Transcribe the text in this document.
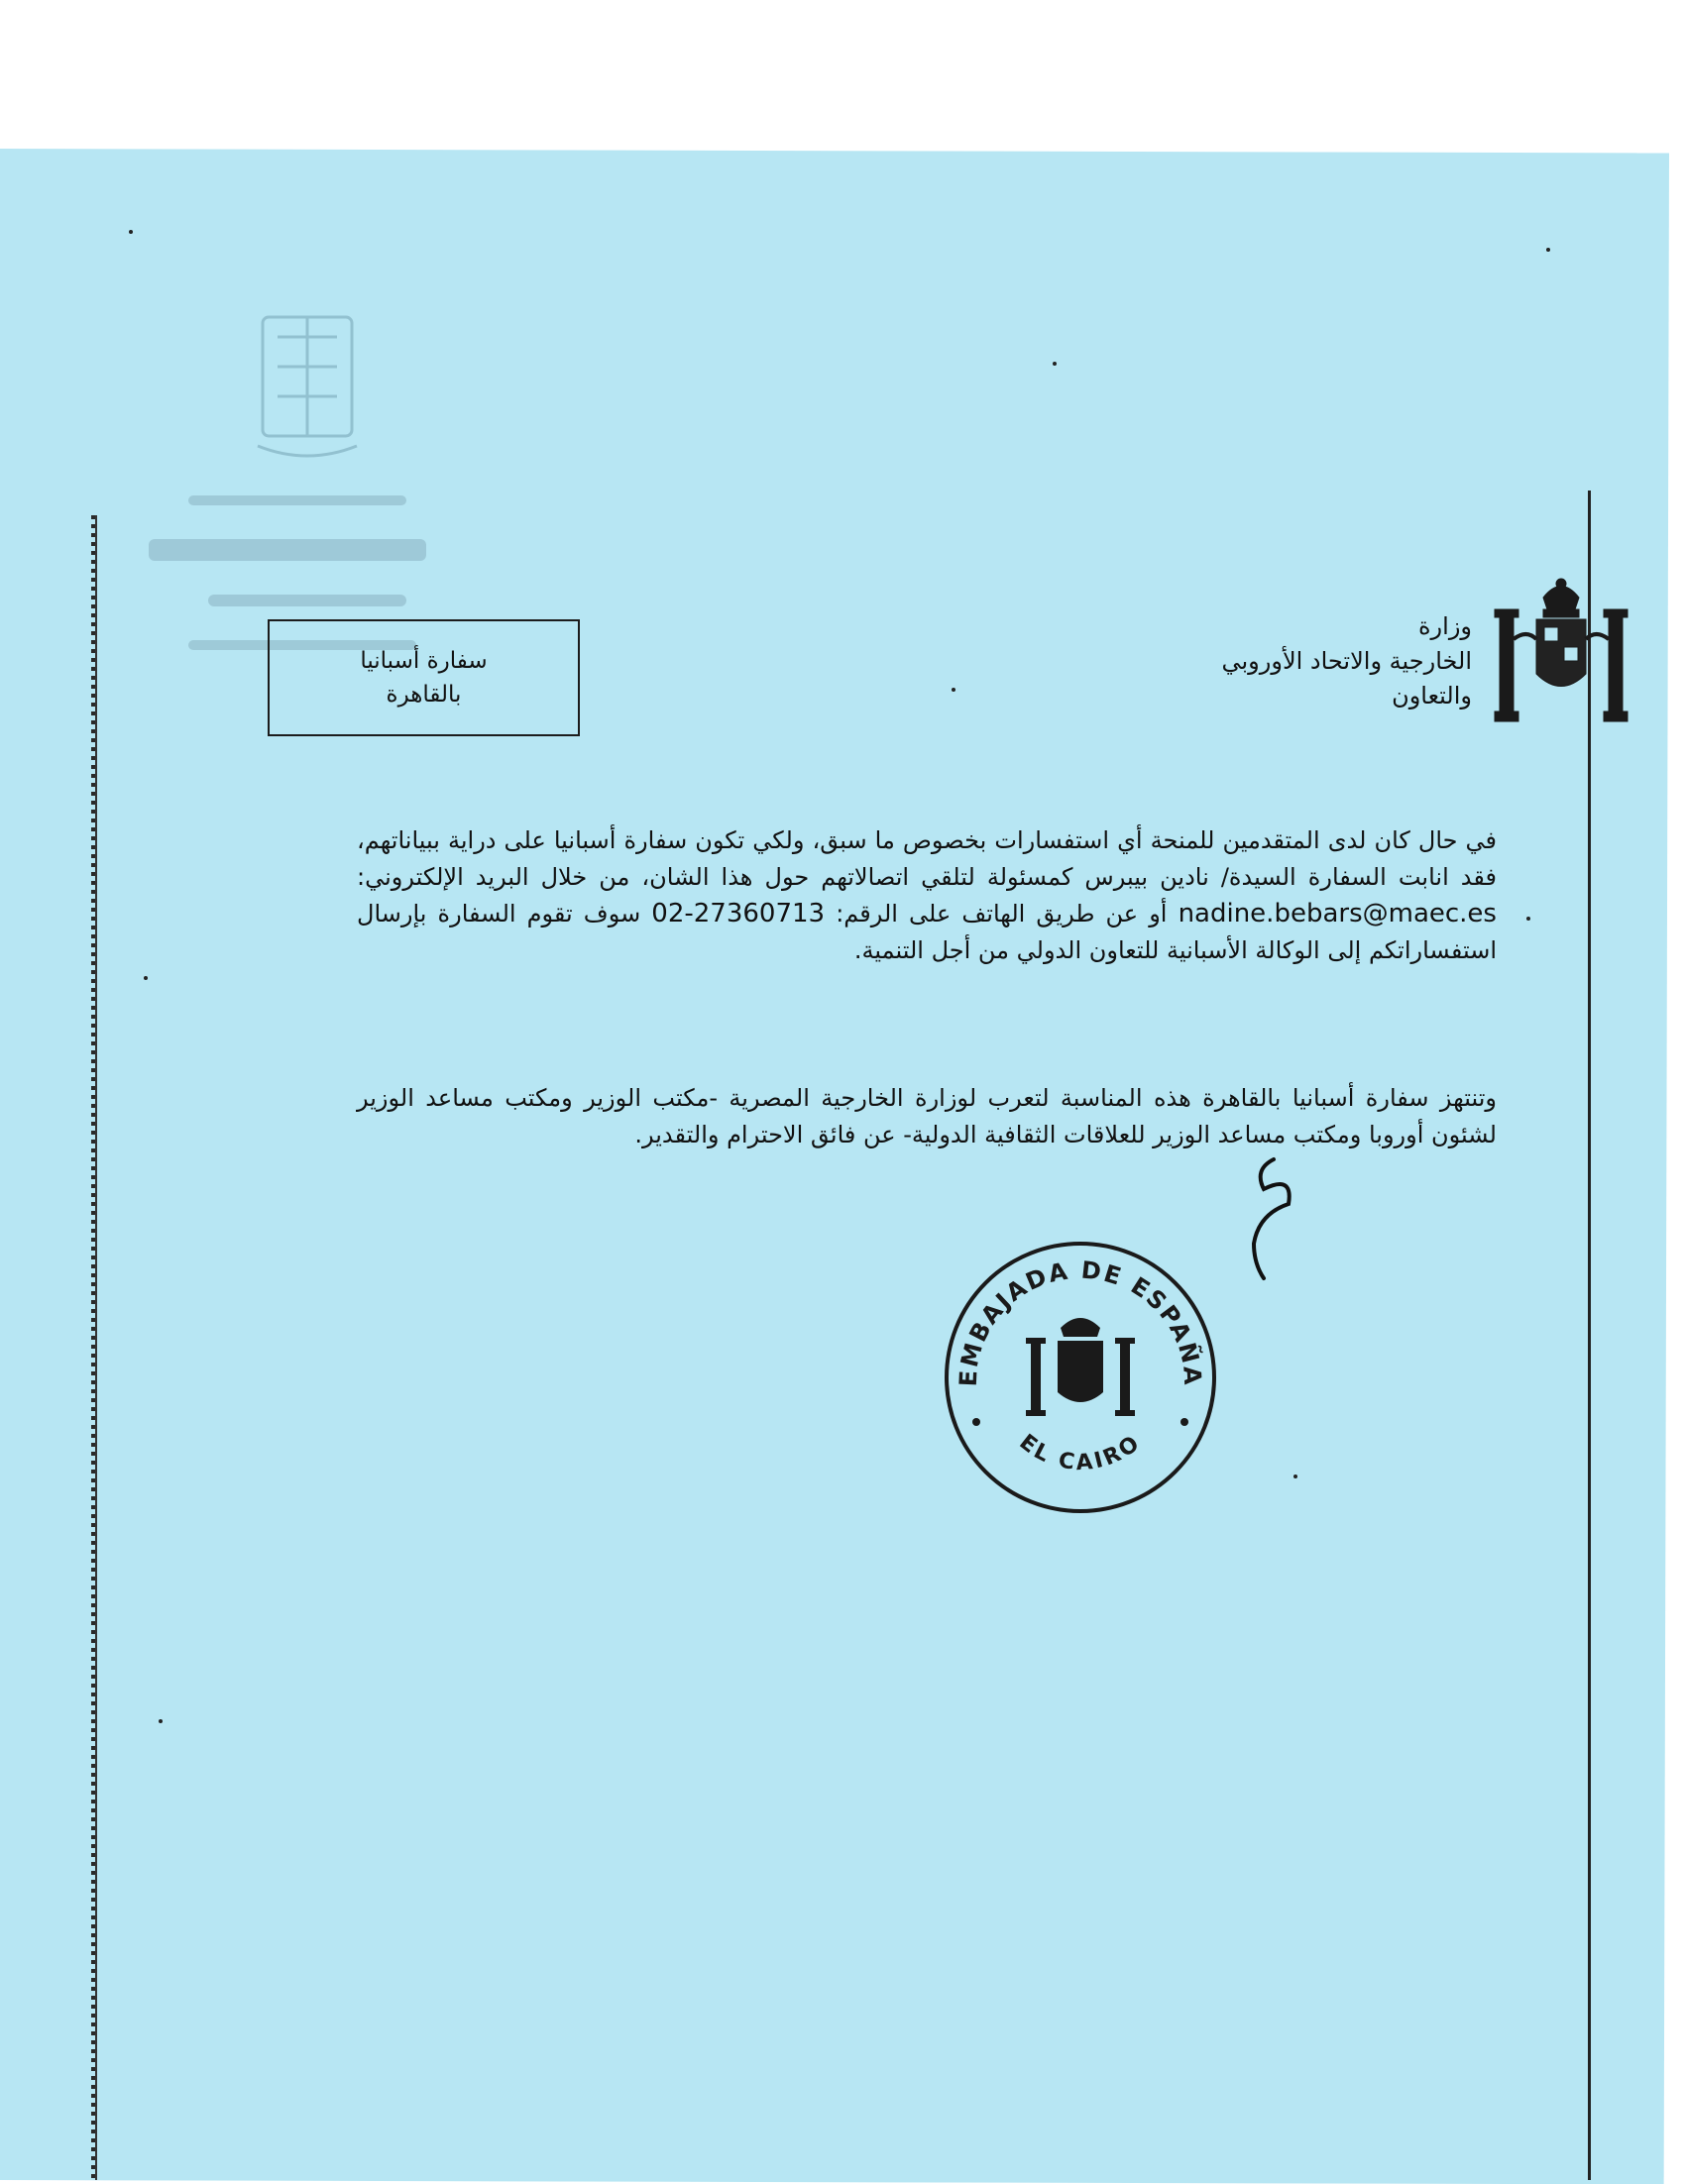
وزارة
الخارجية والاتحاد الأوروبي
والتعاون
سفارة أسبانيا
بالقاهرة
في حال كان لدى المتقدمين للمنحة أي استفسارات بخصوص ما سبق، ولكي تكون سفارة أسبانيا على دراية ببياناتهم، فقد انابت السفارة السيدة/ نادين بيبرس كمسئولة لتلقي اتصالاتهم حول هذا الشان، من خلال البريد الإلكتروني: nadine.bebars@maec.es أو عن طريق الهاتف على الرقم: 02-27360713 سوف تقوم السفارة بإرسال استفساراتكم إلى الوكالة الأسبانية للتعاون الدولي من أجل التنمية.
وتنتهز سفارة أسبانيا بالقاهرة هذه المناسبة لتعرب لوزارة الخارجية المصرية -مكتب الوزير ومكتب مساعد الوزير لشئون أوروبا ومكتب مساعد الوزير للعلاقات الثقافية الدولية- عن فائق الاحترام والتقدير.
EMBAJADA DE ESPAÑA
EL CAIRO
